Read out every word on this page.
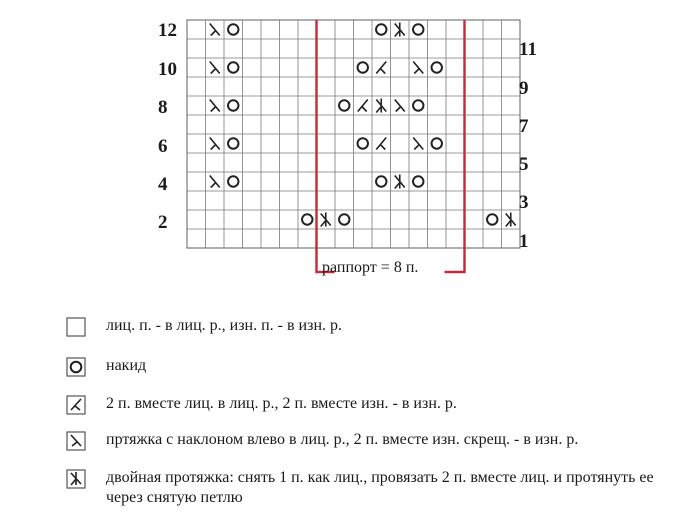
12
10
8
6
4
2
11
9
7
5
3
1
раппорт = 8 п.
лиц. п. - в лиц. р., изн. п. - в изн. р.
накид
2 п. вместе лиц. в лиц. р., 2 п. вместе изн. - в изн. р.
пртяжка с наклоном влево в лиц. р., 2 п. вместе изн. скрещ. - в изн. р.
двойная протяжка: снять 1 п. как лиц., провязать 2 п. вместе лиц. и протянуть ее через снятую петлю
